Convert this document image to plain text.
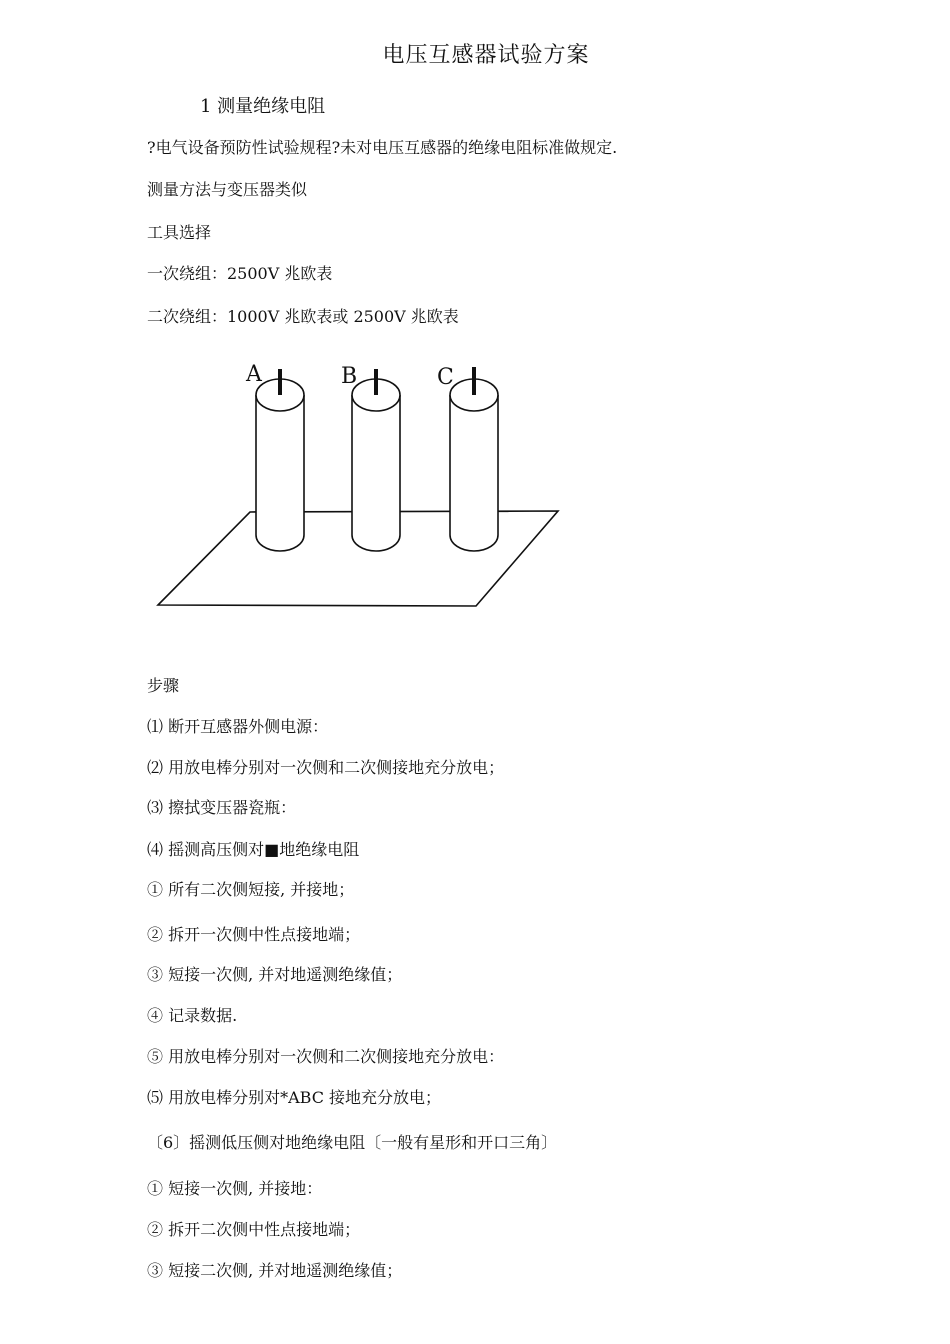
电压互感器试验方案
1 测量绝缘电阻
?电气设备预防性试验规程?未对电压互感器的绝缘电阻标准做规定.
测量方法与变压器类似
工具选择
一次绕组：2500V 兆欧表
二次绕组：1000V 兆欧表或 2500V 兆欧表
A	B	C
步骤
⑴ 断开互感器外侧电源：
⑵ 用放电棒分别对一次侧和二次侧接地充分放电；
⑶ 擦拭变压器瓷瓶：
⑷ 摇测高压侧对■地绝缘电阻
① 所有二次侧短接, 并接地；
② 拆开一次侧中性点接地端；
③ 短接一次侧, 并对地遥测绝缘值；
④ 记录数据.
⑤ 用放电棒分别对一次侧和二次侧接地充分放电：
⑸ 用放电棒分别对*ABC 接地充分放电；
〔6〕摇测低压侧对地绝缘电阻〔一般有星形和开口三角〕
① 短接一次侧, 并接地：
② 拆开二次侧中性点接地端；
③ 短接二次侧, 并对地遥测绝缘值；
